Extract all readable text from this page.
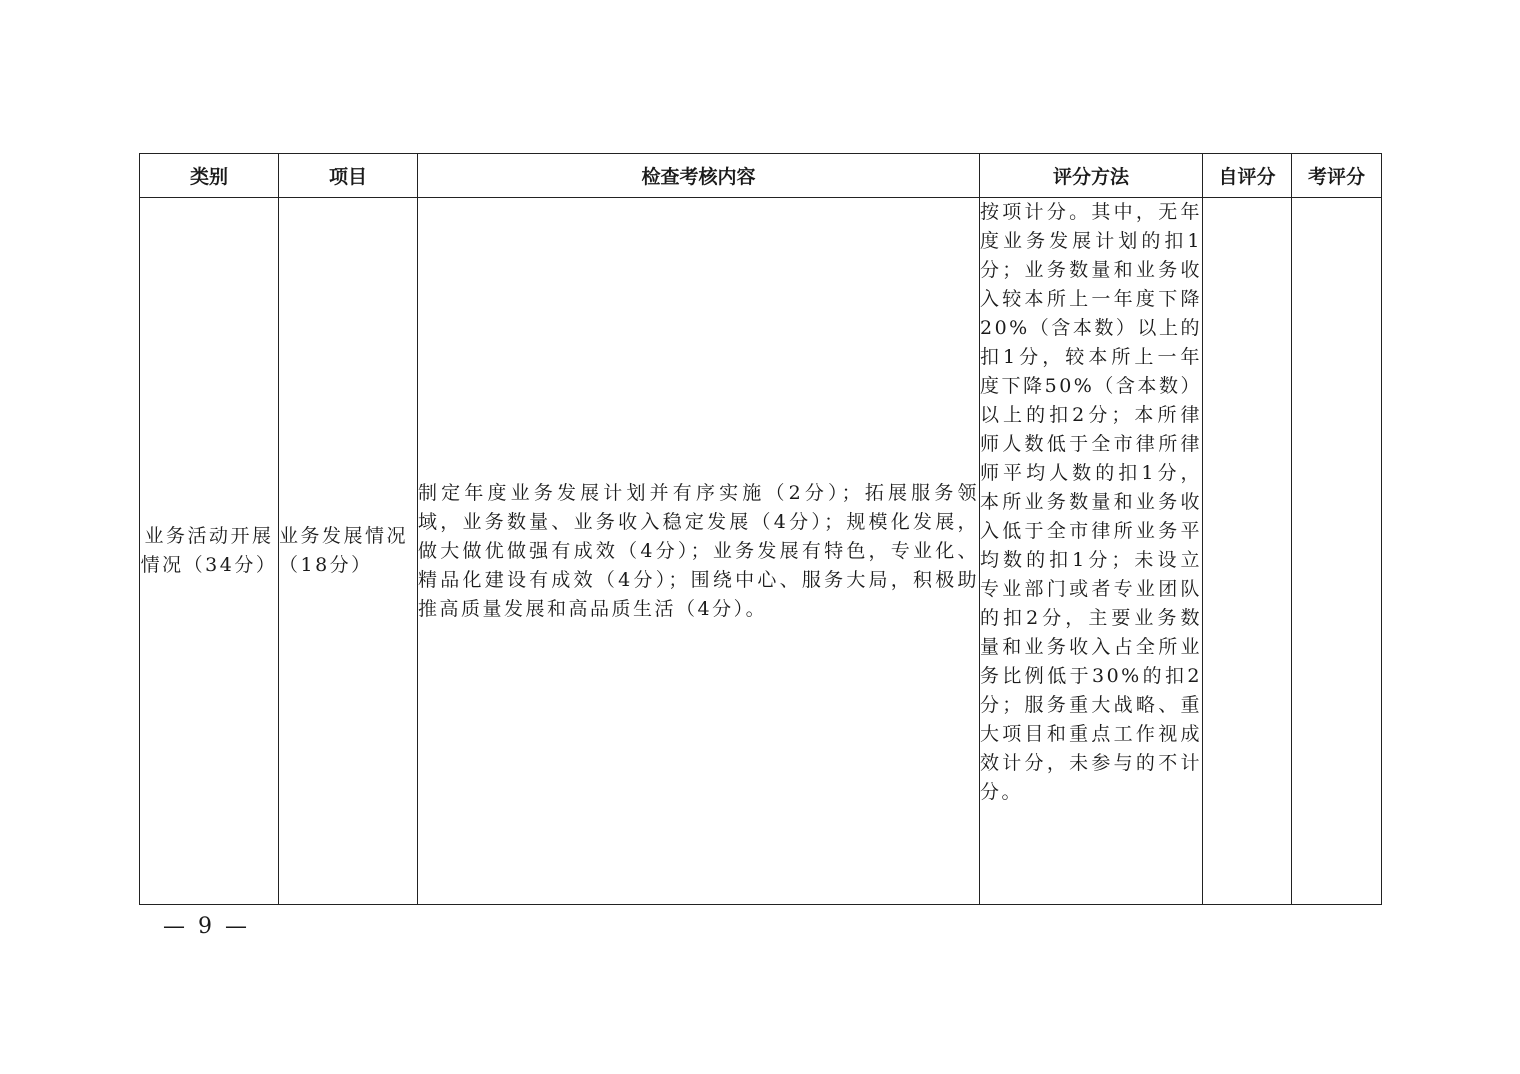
类别	项目	检查考核内容	评分方法	自评分	考评分
业务活动开展情况（34分）	业务发展情况（18分）	制定年度业务发展计划并有序实施（2分）；拓展服务领域，业务数量、业务收入稳定发展（4分）；规模化发展，做大做优做强有成效（4分）；业务发展有特色，专业化、精品化建设有成效（4分）；围绕中心、服务大局，积极助推高质量发展和高品质生活（4分）。	按项计分。其中，无年度业务发展计划的扣1分；业务数量和业务收入较本所上一年度下降20%（含本数）以上的扣1分，较本所上一年度下降50%（含本数）以上的扣2分；本所律师人数低于全市律所律师平均人数的扣1分，本所业务数量和业务收入低于全市律所业务平均数的扣1分；未设立专业部门或者专业团队的扣2分，主要业务数量和业务收入占全所业务比例低于30%的扣2分；服务重大战略、重大项目和重点工作视成效计分，未参与的不计分。		
— 9 —
